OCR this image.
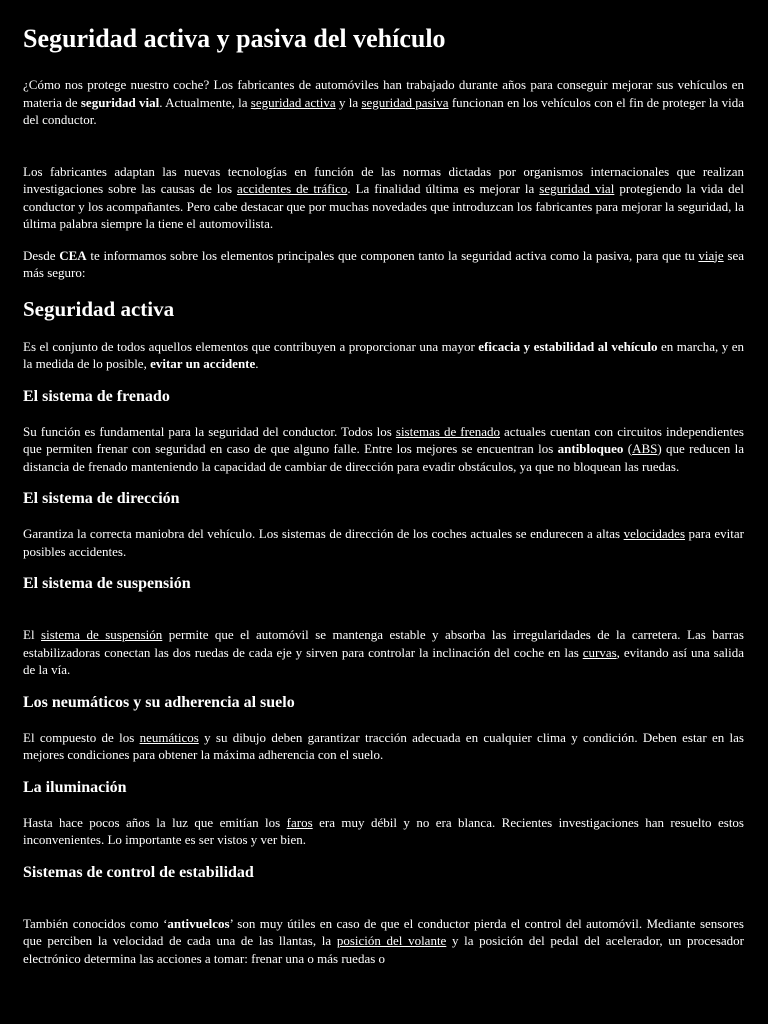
Seguridad activa y pasiva del vehículo

¿Cómo nos protege nuestro coche? Los fabricantes de automóviles han trabajado durante años para conseguir mejorar sus vehículos en materia de seguridad vial. Actualmente, la seguridad activa y la seguridad pasiva funcionan en los vehículos con el fin de proteger la vida del conductor.

Los fabricantes adaptan las nuevas tecnologías en función de las normas dictadas por organismos internacionales que realizan investigaciones sobre las causas de los accidentes de tráfico. La finalidad última es mejorar la seguridad vial protegiendo la vida del conductor y los acompañantes. Pero cabe destacar que por muchas novedades que introduzcan los fabricantes para mejorar la seguridad, la última palabra siempre la tiene el automovilista.

Desde CEA te informamos sobre los elementos principales que componen tanto la seguridad activa como la pasiva, para que tu viaje sea más seguro:

Seguridad activa

Es el conjunto de todos aquellos elementos que contribuyen a proporcionar una mayor eficacia y estabilidad al vehículo en marcha, y en la medida de lo posible, evitar un accidente.

El sistema de frenado

Su función es fundamental para la seguridad del conductor. Todos los sistemas de frenado actuales cuentan con circuitos independientes que permiten frenar con seguridad en caso de que alguno falle. Entre los mejores se encuentran los antibloqueo (ABS) que reducen la distancia de frenado manteniendo la capacidad de cambiar de dirección para evadir obstáculos, ya que no bloquean las ruedas.

El sistema de dirección

Garantiza la correcta maniobra del vehículo. Los sistemas de dirección de los coches actuales se endurecen a altas velocidades para evitar posibles accidentes.

El sistema de suspensión

El sistema de suspensión permite que el automóvil se mantenga estable y absorba las irregularidades de la carretera. Las barras estabilizadoras conectan las dos ruedas de cada eje y sirven para controlar la inclinación del coche en las curvas, evitando así una salida de la vía.

Los neumáticos y su adherencia al suelo

El compuesto de los neumáticos y su dibujo deben garantizar tracción adecuada en cualquier clima y condición. Deben estar en las mejores condiciones para obtener la máxima adherencia con el suelo.

La iluminación

Hasta hace pocos años la luz que emitían los faros era muy débil y no era blanca. Recientes investigaciones han resuelto estos inconvenientes. Lo importante es ser vistos y ver bien.

Sistemas de control de estabilidad

También conocidos como ‘antivuelcos’ son muy útiles en caso de que el conductor pierda el control del automóvil. Mediante sensores que perciben la velocidad de cada una de las llantas, la posición del volante y la posición del pedal del acelerador, un procesador electrónico determina las acciones a tomar: frenar una o más ruedas o
